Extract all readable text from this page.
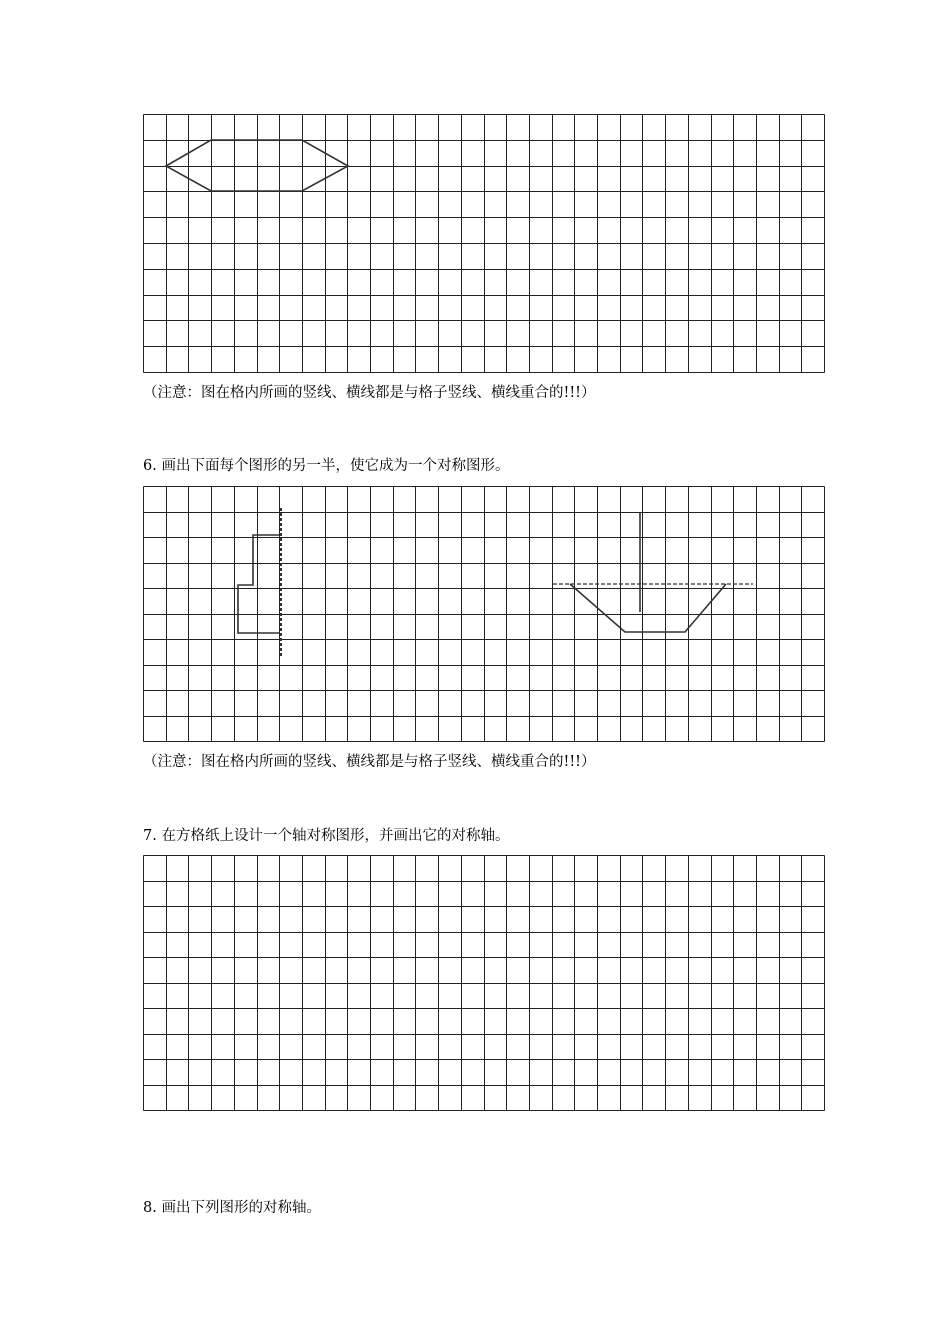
（注意：图在格内所画的竖线、横线都是与格子竖线、横线重合的!!!）

6. 画出下面每个图形的另一半，使它成为一个对称图形。

（注意：图在格内所画的竖线、横线都是与格子竖线、横线重合的!!!）

7. 在方格纸上设计一个轴对称图形，并画出它的对称轴。

8. 画出下列图形的对称轴。
